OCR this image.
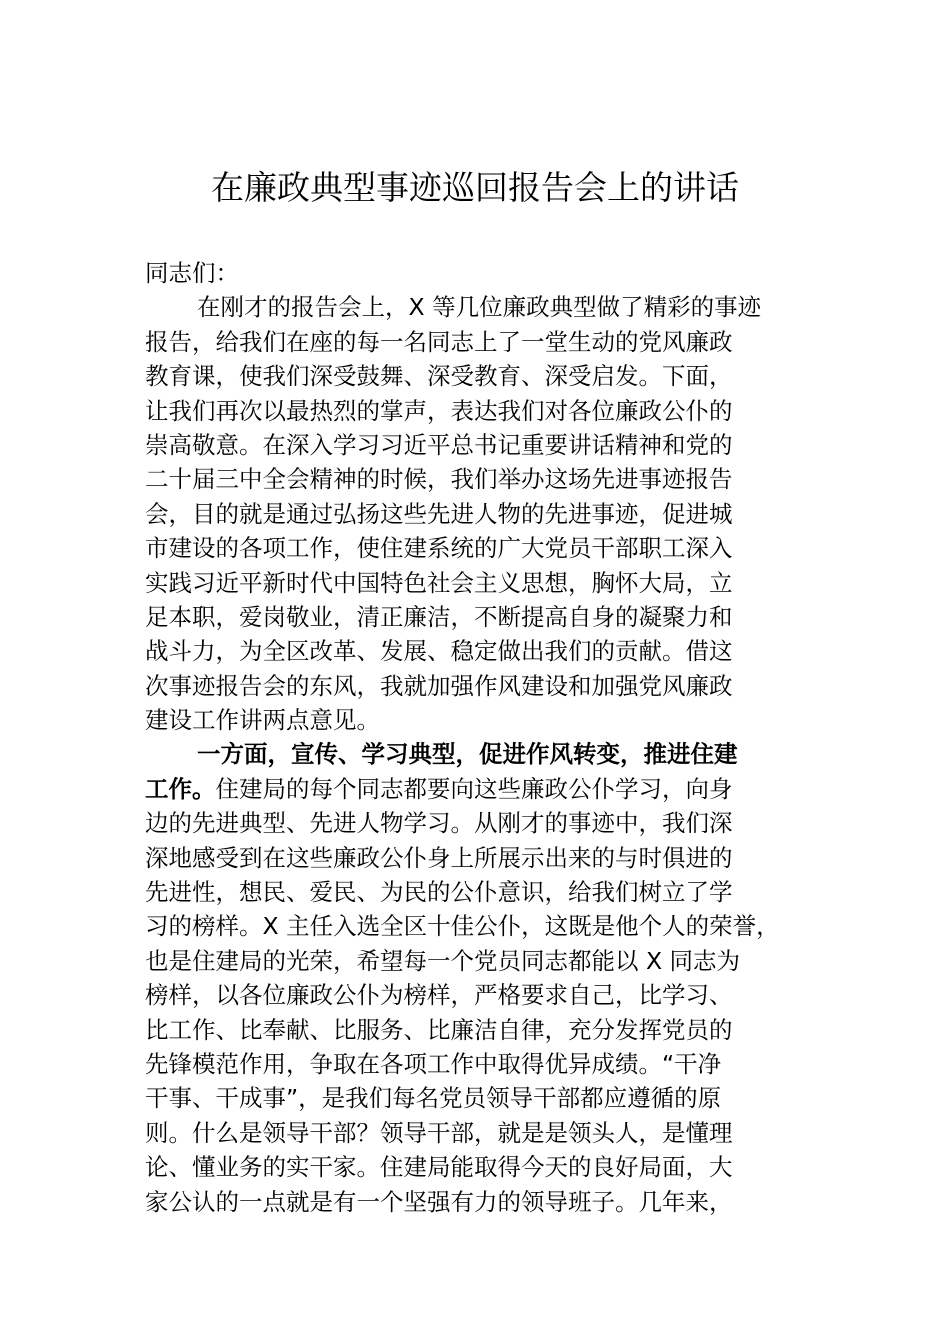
在廉政典型事迹巡回报告会上的讲话
同志们：
在刚才的报告会上，X 等几位廉政典型做了精彩的事迹
报告，给我们在座的每一名同志上了一堂生动的党风廉政
教育课，使我们深受鼓舞、深受教育、深受启发。下面，
让我们再次以最热烈的掌声，表达我们对各位廉政公仆的
崇高敬意。在深入学习习近平总书记重要讲话精神和党的
二十届三中全会精神的时候，我们举办这场先进事迹报告
会，目的就是通过弘扬这些先进人物的先进事迹，促进城
市建设的各项工作，使住建系统的广大党员干部职工深入
实践习近平新时代中国特色社会主义思想，胸怀大局，立
足本职，爱岗敬业，清正廉洁，不断提高自身的凝聚力和
战斗力，为全区改革、发展、稳定做出我们的贡献。借这
次事迹报告会的东风，我就加强作风建设和加强党风廉政
建设工作讲两点意见。
一方面，宣传、学习典型，促进作风转变，推进住建
工作。住建局的每个同志都要向这些廉政公仆学习，向身
边的先进典型、先进人物学习。从刚才的事迹中，我们深
深地感受到在这些廉政公仆身上所展示出来的与时俱进的
先进性，想民、爱民、为民的公仆意识，给我们树立了学
习的榜样。X 主任入选全区十佳公仆，这既是他个人的荣誉，
也是住建局的光荣，希望每一个党员同志都能以 X 同志为
榜样，以各位廉政公仆为榜样，严格要求自己，比学习、
比工作、比奉献、比服务、比廉洁自律，充分发挥党员的
先锋模范作用，争取在各项工作中取得优异成绩。“干净
干事、干成事”，是我们每名党员领导干部都应遵循的原
则。什么是领导干部？领导干部，就是是领头人，是懂理
论、懂业务的实干家。住建局能取得今天的良好局面，大
家公认的一点就是有一个坚强有力的领导班子。几年来，
